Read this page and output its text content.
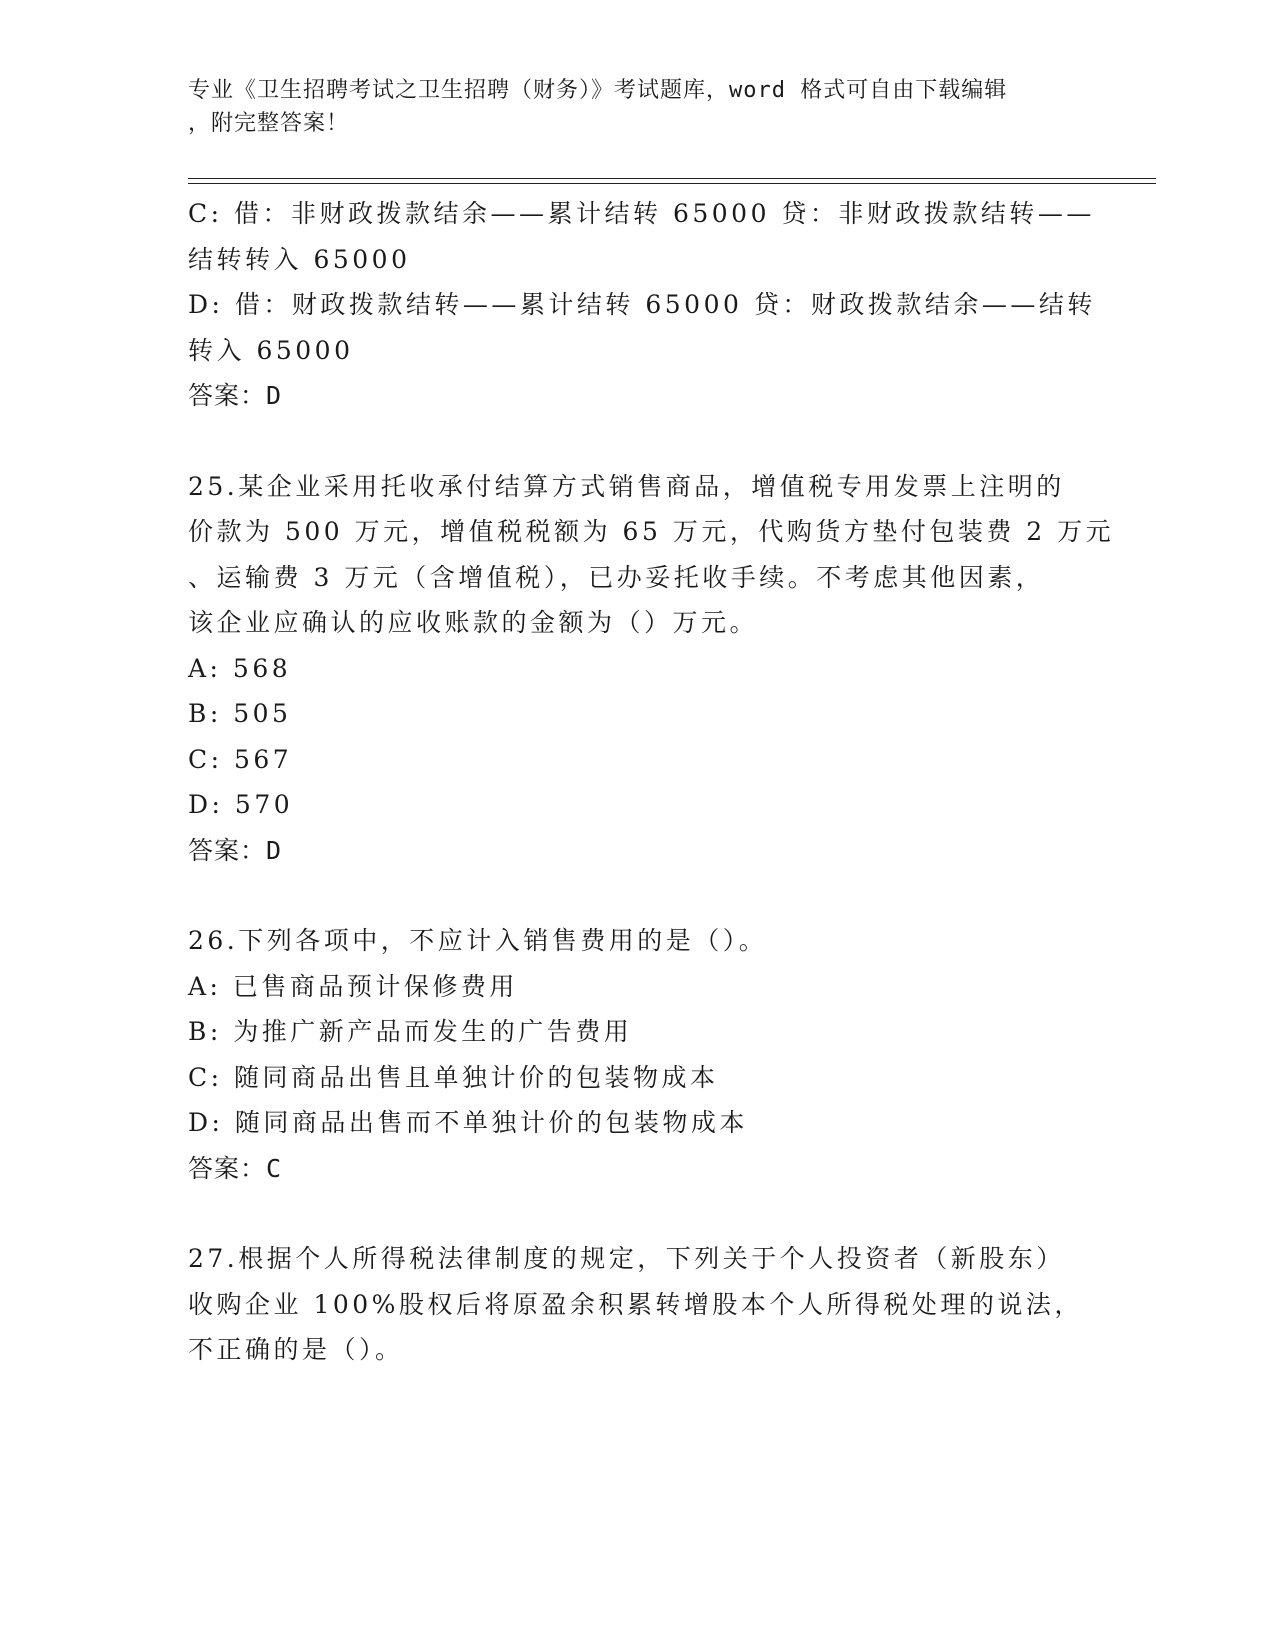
专业《卫生招聘考试之卫生招聘（财务）》考试题库，word 格式可自由下载编辑
，附完整答案！
C: 借：非财政拨款结余——累计结转 65000 贷：非财政拨款结转——
结转转入 65000
D: 借：财政拨款结转——累计结转 65000 贷：财政拨款结余——结转
转入 65000
答案：D
25.某企业采用托收承付结算方式销售商品，增值税专用发票上注明的
价款为 500 万元，增值税税额为 65 万元，代购货方垫付包装费 2 万元
、运输费 3 万元（含增值税），已办妥托收手续。不考虑其他因素，
该企业应确认的应收账款的金额为（）万元。
A: 568
B: 505
C: 567
D: 570
答案：D
26.下列各项中，不应计入销售费用的是（）。
A: 已售商品预计保修费用
B: 为推广新产品而发生的广告费用
C: 随同商品出售且单独计价的包装物成本
D: 随同商品出售而不单独计价的包装物成本
答案：C
27.根据个人所得税法律制度的规定，下列关于个人投资者（新股东）
收购企业 100%股权后将原盈余积累转增股本个人所得税处理的说法，
不正确的是（）。
